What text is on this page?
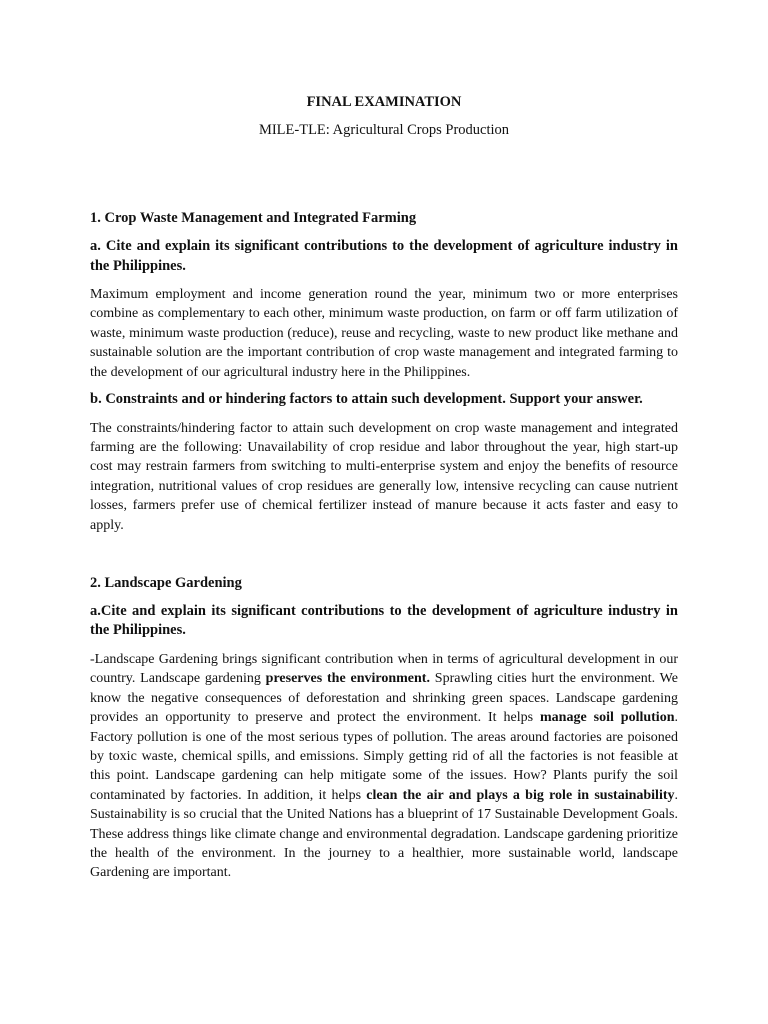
FINAL EXAMINATION

MILE-TLE: Agricultural Crops Production

1. Crop Waste Management and Integrated Farming

a. Cite and explain its significant contributions to the development of agriculture industry in the Philippines.

Maximum employment and income generation round the year, minimum two or more enterprises combine as complementary to each other, minimum waste production, on farm or off farm utilization of waste, minimum waste production (reduce), reuse and recycling, waste to new product like methane and sustainable solution are the important contribution of crop waste management and integrated farming to the development of our agricultural industry here in the Philippines.

b. Constraints and or hindering factors to attain such development. Support your answer.

The constraints/hindering factor to attain such development on crop waste management and integrated farming are the following: Unavailability of crop residue and labor throughout the year, high start-up cost may restrain farmers from switching to multi-enterprise system and enjoy the benefits of resource integration, nutritional values of crop residues are generally low, intensive recycling can cause nutrient losses, farmers prefer use of chemical fertilizer instead of manure because it acts faster and easy to apply.

2. Landscape Gardening

a.Cite and explain its significant contributions to the development of agriculture industry in the Philippines.

-Landscape Gardening brings significant contribution when in terms of agricultural development in our country. Landscape gardening preserves the environment. Sprawling cities hurt the environment. We know the negative consequences of deforestation and shrinking green spaces. Landscape gardening provides an opportunity to preserve and protect the environment. It helps manage soil pollution. Factory pollution is one of the most serious types of pollution. The areas around factories are poisoned by toxic waste, chemical spills, and emissions. Simply getting rid of all the factories is not feasible at this point. Landscape gardening can help mitigate some of the issues. How? Plants purify the soil contaminated by factories. In addition, it helps clean the air and plays a big role in sustainability. Sustainability is so crucial that the United Nations has a blueprint of 17 Sustainable Development Goals. These address things like climate change and environmental degradation. Landscape gardening prioritize the health of the environment. In the journey to a healthier, more sustainable world, landscape Gardening are important.
